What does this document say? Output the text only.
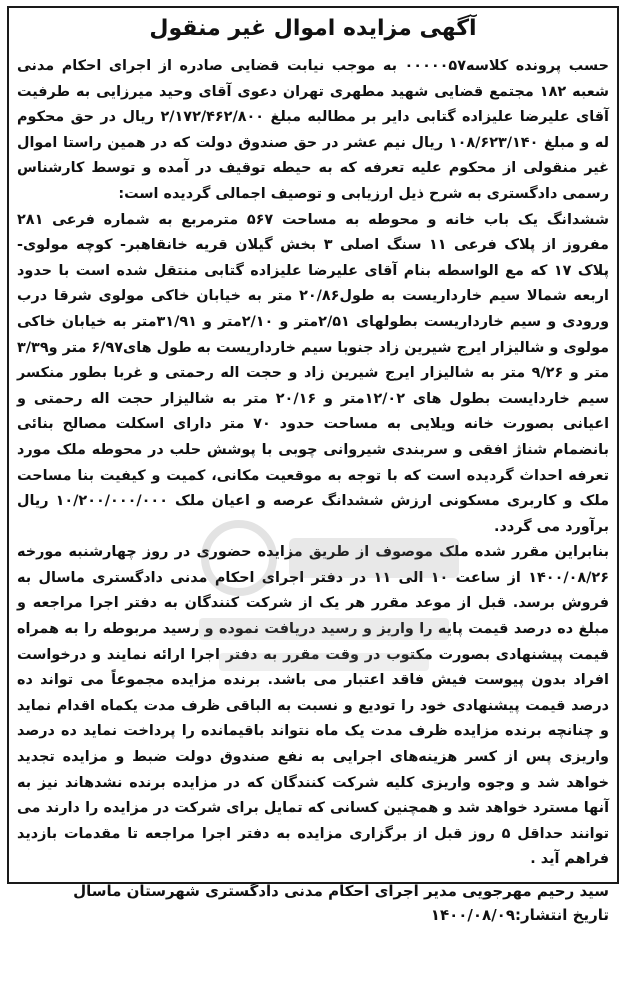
آگهی مزایده اموال غیر منقول

حسب پرونده کلاسه۰۰۰۰۰۵۷ به موجب نیابت قضایی صادره از اجرای احکام مدنی شعبه ۱۸۲ مجتمع قضایی شهید مطهری تهران دعوی آقای وحید میرزایی به طرفیت آقای علیرضا علیزاده گتابی دایر بر مطالبه مبلغ ۲/۱۷۲/۴۶۲/۸۰۰ ریال در حق محکوم له و مبلغ ۱۰۸/۶۲۳/۱۴۰ ریال نیم عشر در حق صندوق دولت که در همین راستا اموال غیر منقولی از محکوم علیه تعرفه که به حیطه توقیف در آمده و توسط کارشناس رسمی دادگستری به شرح ذیل ارزیابی و توصیف اجمالی گردیده است:

ششدانگ یک باب خانه و محوطه به مساحت ۵۶۷ مترمربع به شماره فرعی ۲۸۱ مفروز از پلاک فرعی ۱۱ سنگ اصلی ۳ بخش گیلان قریه خانقاهبر- کوچه مولوی- پلاک ۱۷ که مع الواسطه بنام آقای علیرضا علیزاده گتابی منتقل شده است با حدود اربعه شمالا سیم خارداریست به طول۲۰/۸۶ متر به خیابان خاکی مولوی شرقا درب ورودی و سیم خارداریست بطولهای ۲/۵۱متر و ۲/۱۰متر و ۳۱/۹۱متر به خیابان خاکی مولوی و شالیزار ایرج شیرین زاد جنوبا سیم خارداریست به طول های۶/۹۷ متر و۳/۳۹ متر و ۹/۲۶ متر به شالیزار ایرج شیرین زاد و حجت اله رحمتی و غربا بطور منکسر سیم خاردایست بطول های ۱۲/۰۲متر و ۲۰/۱۶ متر به شالیزار حجت اله رحمتی و اعیانی بصورت خانه ویلایی به مساحت حدود ۷۰ متر دارای اسکلت مصالح بنائی بانضمام شناژ افقی و سربندی شیروانی چوبی با پوشش حلب در محوطه ملک مورد تعرفه احداث گردیده است که با توجه به موقعیت مکانی، کمیت و کیفیت بنا مساحت ملک و کاربری مسکونی ارزش ششدانگ عرصه و اعیان ملک ۱۰/۲۰۰/۰۰۰/۰۰۰ ریال برآورد می گردد.

بنابراین مقرر شده ملک موصوف از طریق مزایده حضوری در روز چهارشنبه مورخه ۱۴۰۰/۰۸/۲۶ از ساعت ۱۰ الی ۱۱ در دفتر اجرای احکام مدنی دادگستری ماسال به فروش برسد. قبل از موعد مقرر هر یک از شرکت کنندگان به دفتر اجرا مراجعه و مبلغ ده درصد قیمت پایه را واریز و رسید دریافت نموده و رسید مربوطه را به همراه قیمت پیشنهادی بصورت مکتوب در وقت مقرر به دفتر اجرا ارائه نمایند و درخواست افراد بدون پیوست فیش فاقد اعتبار می باشد. برنده مزایده مجموعاً می تواند ده درصد قیمت پیشنهادی خود را تودیع و نسبت به الباقی ظرف مدت یکماه اقدام نماید و چنانچه برنده مزایده ظرف مدت یک ماه نتواند باقیمانده را پرداخت نماید ده درصد واریزی پس از کسر هزینه‌های اجرایی به نفع صندوق دولت ضبط و مزایده تجدید خواهد شد و وجوه واریزی کلیه شرکت کنندگان که در مزایده برنده نشدهاند نیز به آنها مسترد خواهد شد و همچنین کسانی که تمایل برای شرکت در مزایده را دارند می توانند حداقل ۵ روز قبل از برگزاری مزایده به دفتر اجرا مراجعه تا مقدمات بازدید فراهم آید .

سید رحیم مهرجویی مدیر اجرای احکام مدنی دادگستری شهرستان ماسال
تاریخ انتشار:۱۴۰۰/۰۸/۰۹
